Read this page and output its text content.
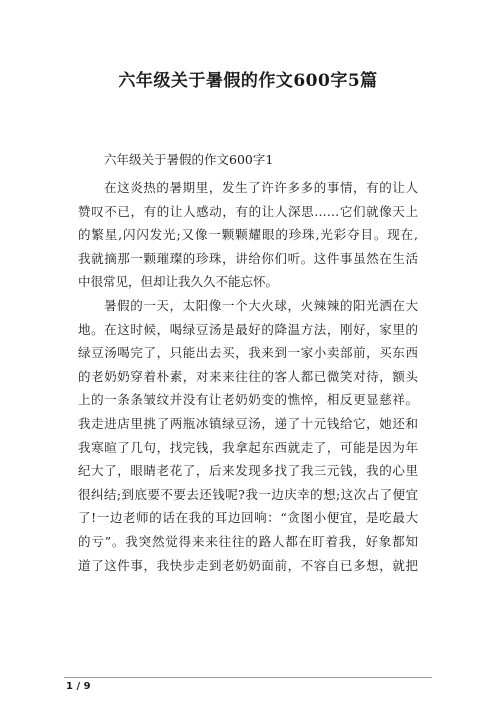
六年级关于暑假的作文600字5篇
六年级关于暑假的作文600字1
在这炎热的暑期里，发生了许许多多的事情，有的让人
赞叹不已，有的让人感动，有的让人深思……它们就像天上
的繁星,闪闪发光;又像一颗颗耀眼的珍珠,光彩夺目。现在,
我就摘那一颗璀璨的珍珠，讲给你们听。这件事虽然在生活
中很常见，但却让我久久不能忘怀。
暑假的一天，太阳像一个大火球，火辣辣的阳光洒在大
地。在这时候，喝绿豆汤是最好的降温方法，刚好，家里的
绿豆汤喝完了，只能出去买，我来到一家小卖部前，买东西
的老奶奶穿着朴素，对来来往往的客人都已微笑对待，额头
上的一条条皱纹并没有让老奶奶变的憔悴，相反更显慈祥。
我走进店里挑了两瓶冰镇绿豆汤，递了十元钱给它，她还和
我寒暄了几句，找完钱，我拿起东西就走了，可能是因为年
纪大了，眼睛老花了，后来发现多找了我三元钱，我的心里
很纠结;到底要不要去还钱呢?我一边庆幸的想;这次占了便宜
了!一边老师的话在我的耳边回响：“贪图小便宜，是吃最大
的亏”。我突然觉得来来往往的路人都在盯着我，好象都知
道了这件事，我快步走到老奶奶面前，不容自已多想，就把
1 / 9
